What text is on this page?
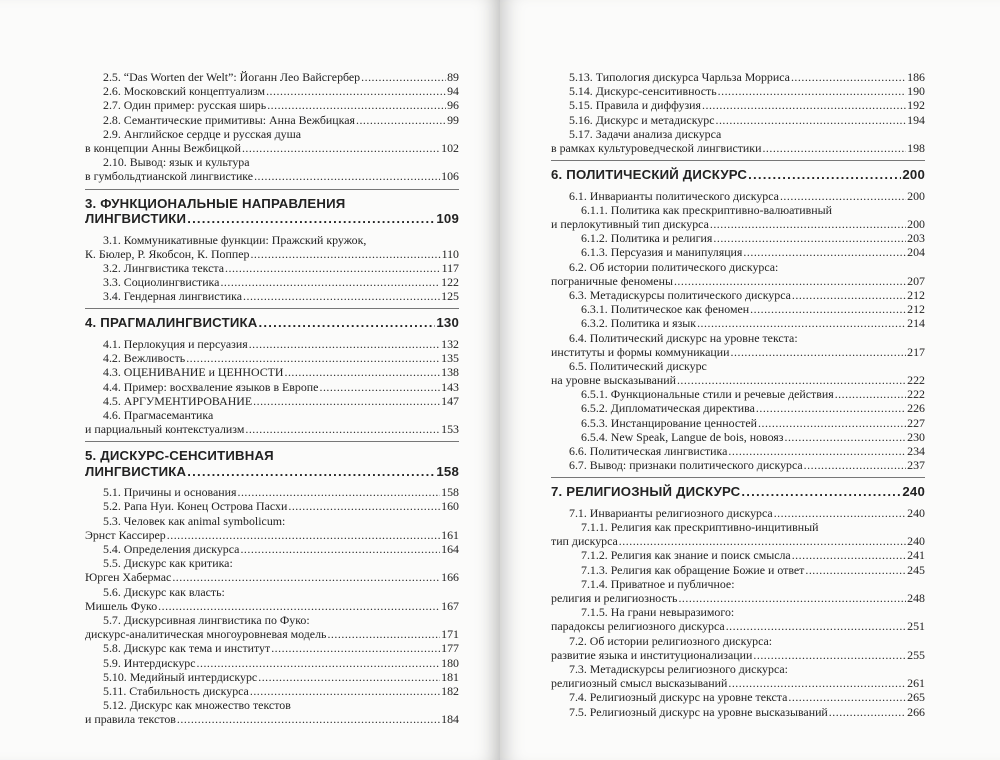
2.5. “Das Worten der Welt”: Йоганн Лео Вайсгербер .....	89
2.6. Московский концептуализм .....	94
2.7. Один пример: русская ширь .....	96
2.8. Семантические примитивы: Анна Вежбицкая .....	99
2.9. Английское сердце и русская душа
в концепции Анны Вежбицкой .....	102
2.10. Вывод: язык и культура
в гумбольдтианской лингвистике .....	106
3. ФУНКЦИОНАЛЬНЫЕ НАПРАВЛЕНИЯ
ЛИНГВИСТИКИ .....	109
3.1. Коммуникативные функции: Пражский кружок,
К. Бюлер, Р. Якобсон, К. Поппер .....	110
3.2. Лингвистика текста .....	117
3.3. Социолингвистика .....	122
3.4. Гендерная лингвистика .....	125
4. ПРАГМАЛИНГВИСТИКА .....	130
4.1. Перлокуция и персуазия .....	132
4.2. Вежливость .....	135
4.3. ОЦЕНИВАНИЕ и ЦЕННОСТИ .....	138
4.4. Пример: восхваление языков в Европе .....	143
4.5. АРГУМЕНТИРОВАНИЕ .....	147
4.6. Прагмасемантика
и парциальный контекстуализм .....	153
5. ДИСКУРС-СЕНСИТИВНАЯ
ЛИНГВИСТИКА .....	158
5.1. Причины и основания .....	158
5.2. Рапа Нуи. Конец Острова Пасхи .....	160
5.3. Человек как animal symbolicum:
Эрнст Кассирер .....	161
5.4. Определения дискурса .....	164
5.5. Дискурс как критика:
Юрген Хабермас .....	166
5.6. Дискурс как власть:
Мишель Фуко .....	167
5.7. Дискурсивная лингвистика по Фуко:
дискурс-аналитическая многоуровневая модель .....	171
5.8. Дискурс как тема и институт .....	177
5.9. Интердискурс .....	180
5.10. Медийный интердискурс .....	181
5.11. Стабильность дискурса .....	182
5.12. Дискурс как множество текстов
и правила текстов .....	184
5.13. Типология дискурса Чарльза Морриса .....	186
5.14. Дискурс-сенситивность .....	190
5.15. Правила и диффузия .....	192
5.16. Дискурс и метадискурс .....	194
5.17. Задачи анализа дискурса
в рамках культуроведческой лингвистики .....	198
6. ПОЛИТИЧЕСКИЙ ДИСКУРС .....	200
6.1. Инварианты политического дискурса .....	200
6.1.1. Политика как прескриптивно-валюативный
и перлокутивный тип дискурса .....	200
6.1.2. Политика и религия .....	203
6.1.3. Персуазия и манипуляция .....	204
6.2. Об истории политического дискурса:
пограничные феномены .....	207
6.3. Метадискурсы политического дискурса .....	212
6.3.1. Политическое как феномен .....	212
6.3.2. Политика и язык .....	214
6.4. Политический дискурс на уровне текста:
институты и формы коммуникации .....	217
6.5. Политический дискурс
на уровне высказываний .....	222
6.5.1. Функциональные стили и речевые действия .....	222
6.5.2. Дипломатическая директива .....	226
6.5.3. Инстанцирование ценностей .....	227
6.5.4. New Speak, Langue de bois, новояз .....	230
6.6. Политическая лингвистика .....	234
6.7. Вывод: признаки политического дискурса .....	237
7. РЕЛИГИОЗНЫЙ ДИСКУРС .....	240
7.1. Инварианты религиозного дискурса .....	240
7.1.1. Религия как прескриптивно-инцитивный
тип дискурса .....	240
7.1.2. Религия как знание и поиск смысла .....	241
7.1.3. Религия как обращение Божие и ответ .....	245
7.1.4. Приватное и публичное:
религия и религиозность .....	248
7.1.5. На грани невыразимого:
парадоксы религиозного дискурса .....	251
7.2. Об истории религиозного дискурса:
развитие языка и институционализации .....	255
7.3. Метадискурсы религиозного дискурса:
религиозный смысл высказываний .....	261
7.4. Религиозный дискурс на уровне текста .....	265
7.5. Религиозный дискурс на уровне высказываний .....	266
